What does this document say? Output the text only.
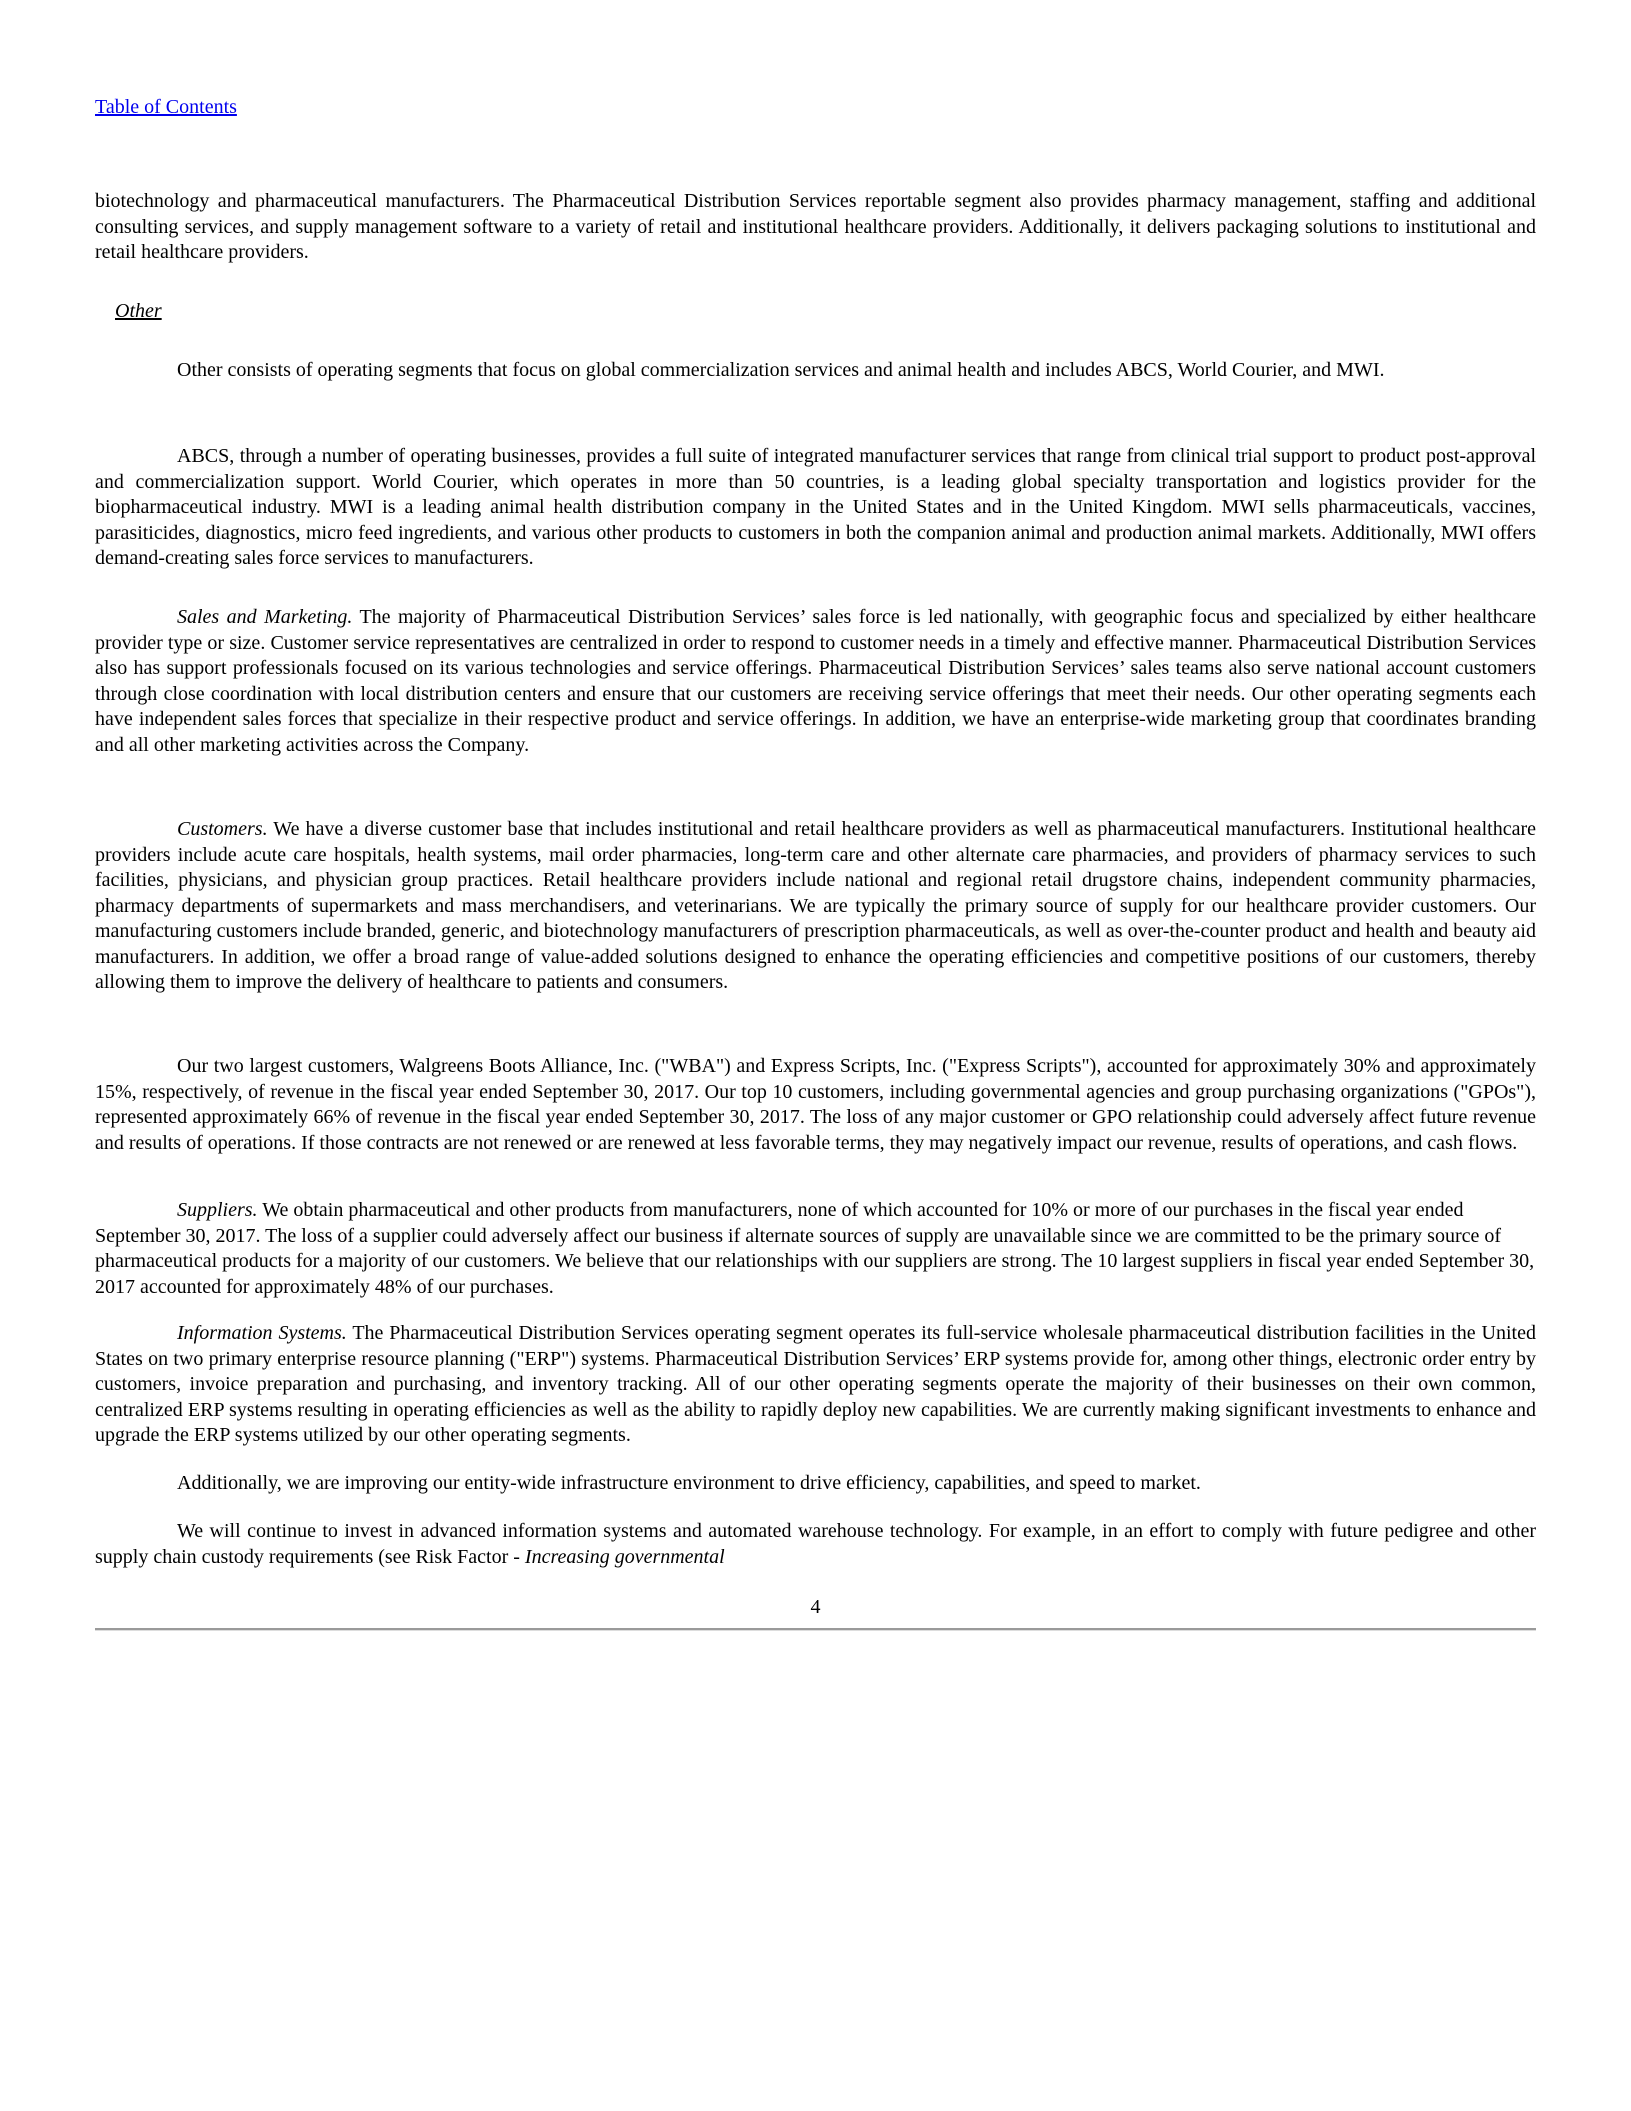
Table of Contents

biotechnology and pharmaceutical manufacturers. The Pharmaceutical Distribution Services reportable segment also provides pharmacy management, staffing and additional consulting services, and supply management software to a variety of retail and institutional healthcare providers. Additionally, it delivers packaging solutions to institutional and retail healthcare providers.

Other

Other consists of operating segments that focus on global commercialization services and animal health and includes ABCS, World Courier, and MWI.

ABCS, through a number of operating businesses, provides a full suite of integrated manufacturer services that range from clinical trial support to product post-approval and commercialization support. World Courier, which operates in more than 50 countries, is a leading global specialty transportation and logistics provider for the biopharmaceutical industry. MWI is a leading animal health distribution company in the United States and in the United Kingdom. MWI sells pharmaceuticals, vaccines, parasiticides, diagnostics, micro feed ingredients, and various other products to customers in both the companion animal and production animal markets. Additionally, MWI offers demand-creating sales force services to manufacturers.

Sales and Marketing. The majority of Pharmaceutical Distribution Services’ sales force is led nationally, with geographic focus and specialized by either healthcare provider type or size. Customer service representatives are centralized in order to respond to customer needs in a timely and effective manner. Pharmaceutical Distribution Services also has support professionals focused on its various technologies and service offerings. Pharmaceutical Distribution Services’ sales teams also serve national account customers through close coordination with local distribution centers and ensure that our customers are receiving service offerings that meet their needs. Our other operating segments each have independent sales forces that specialize in their respective product and service offerings. In addition, we have an enterprise-wide marketing group that coordinates branding and all other marketing activities across the Company.

Customers. We have a diverse customer base that includes institutional and retail healthcare providers as well as pharmaceutical manufacturers. Institutional healthcare providers include acute care hospitals, health systems, mail order pharmacies, long-term care and other alternate care pharmacies, and providers of pharmacy services to such facilities, physicians, and physician group practices. Retail healthcare providers include national and regional retail drugstore chains, independent community pharmacies, pharmacy departments of supermarkets and mass merchandisers, and veterinarians. We are typically the primary source of supply for our healthcare provider customers. Our manufacturing customers include branded, generic, and biotechnology manufacturers of prescription pharmaceuticals, as well as over-the-counter product and health and beauty aid manufacturers. In addition, we offer a broad range of value-added solutions designed to enhance the operating efficiencies and competitive positions of our customers, thereby allowing them to improve the delivery of healthcare to patients and consumers.

Our two largest customers, Walgreens Boots Alliance, Inc. ("WBA") and Express Scripts, Inc. ("Express Scripts"), accounted for approximately 30% and approximately 15%, respectively, of revenue in the fiscal year ended September 30, 2017. Our top 10 customers, including governmental agencies and group purchasing organizations ("GPOs"), represented approximately 66% of revenue in the fiscal year ended September 30, 2017. The loss of any major customer or GPO relationship could adversely affect future revenue and results of operations. If those contracts are not renewed or are renewed at less favorable terms, they may negatively impact our revenue, results of operations, and cash flows.

Suppliers. We obtain pharmaceutical and other products from manufacturers, none of which accounted for 10% or more of our purchases in the fiscal year ended September 30, 2017. The loss of a supplier could adversely affect our business if alternate sources of supply are unavailable since we are committed to be the primary source of pharmaceutical products for a majority of our customers. We believe that our relationships with our suppliers are strong. The 10 largest suppliers in fiscal year ended September 30, 2017 accounted for approximately 48% of our purchases.

Information Systems. The Pharmaceutical Distribution Services operating segment operates its full-service wholesale pharmaceutical distribution facilities in the United States on two primary enterprise resource planning ("ERP") systems. Pharmaceutical Distribution Services’ ERP systems provide for, among other things, electronic order entry by customers, invoice preparation and purchasing, and inventory tracking. All of our other operating segments operate the majority of their businesses on their own common, centralized ERP systems resulting in operating efficiencies as well as the ability to rapidly deploy new capabilities. We are currently making significant investments to enhance and upgrade the ERP systems utilized by our other operating segments.

Additionally, we are improving our entity-wide infrastructure environment to drive efficiency, capabilities, and speed to market.

We will continue to invest in advanced information systems and automated warehouse technology. For example, in an effort to comply with future pedigree and other supply chain custody requirements (see Risk Factor - Increasing governmental

4
